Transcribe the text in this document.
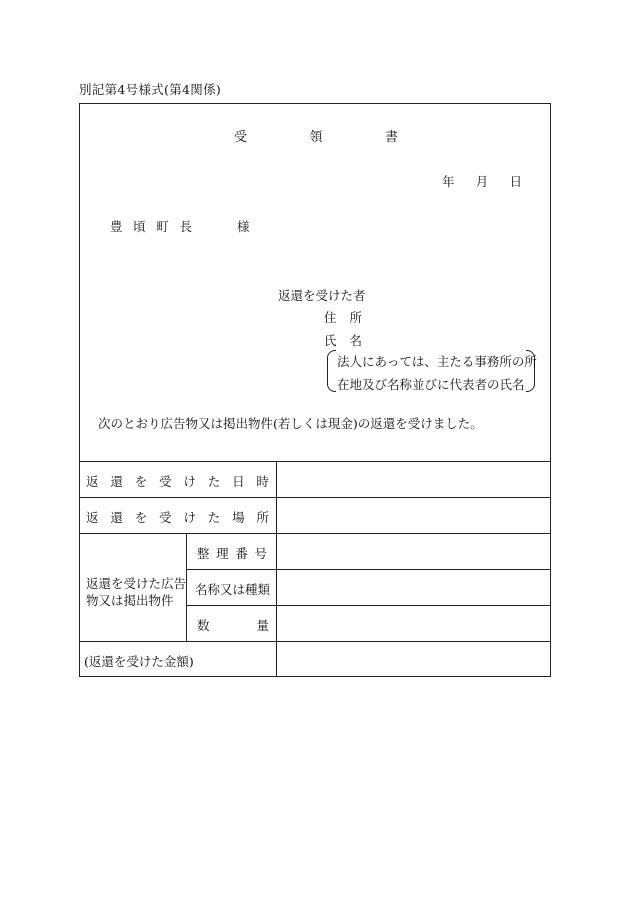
別記第4号様式(第4関係)
受	領	書
年 月 日
豊 頃 町 長	様
返還を受けた者
住 所
氏 名
法人にあっては、主たる事務所の所
在地及び名称並びに代表者の氏名
次のとおり広告物又は掲出物件(若しくは現金)の返還を受けました。
返 還 を 受 け た 日 時
返 還 を 受 け た 場 所
返還を受けた広告
物又は掲出物件
整 理 番 号
名称又は種類
数	量
(返還を受けた金額)
